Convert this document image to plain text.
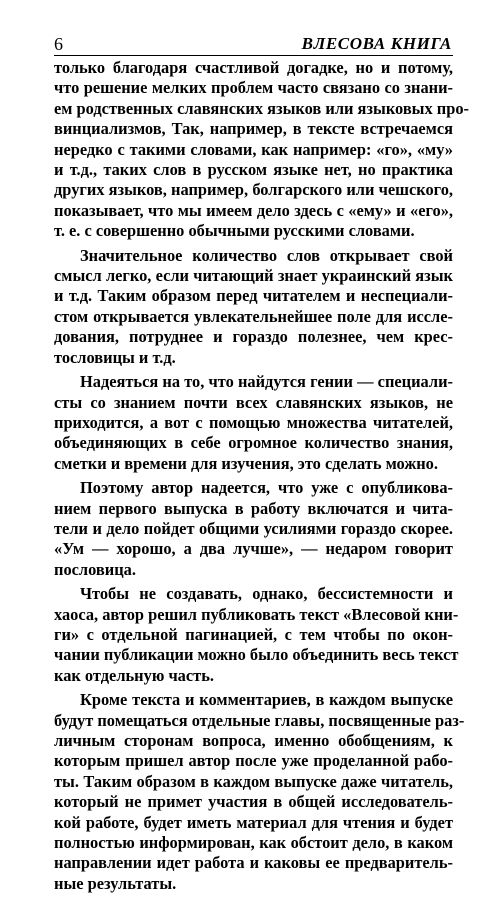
6	ВЛЕСОВА КНИГА

только благодаря счастливой догадке, но и потому,
что решение мелких проблем часто связано со знани-
ем родственных славянских языков или языковых про-
винциализмов, Так, например, в тексте встречаемся
нередко с такими словами, как например: «го», «му»
и т.д., таких слов в русском языке нет, но практика
других языков, например, болгарского или чешского,
показывает, что мы имеем дело здесь с «ему» и «его»,
т. е. с совершенно обычными русскими словами.

Значительное количество слов открывает свой
смысл легко, если читающий знает украинский язык
и т.д. Таким образом перед читателем и неспециали-
стом открывается увлекательнейшее поле для иссле-
дования, потруднее и гораздо полезнее, чем крес-
тословицы и т.д.

Надеяться на то, что найдутся гении — специали-
сты со знанием почти всех славянских языков, не
приходится, а вот с помощью множества читателей,
объединяющих в себе огромное количество знания,
сметки и времени для изучения, это сделать можно.

Поэтому автор надеется, что уже с опубликова-
нием первого выпуска в работу включатся и чита-
тели и дело пойдет общими усилиями гораздо скорее.
«Ум — хорошо, а два лучше», — недаром говорит
пословица.

Чтобы не создавать, однако, бессистемности и
хаоса, автор решил публиковать текст «Влесовой кни-
ги» с отдельной пагинацией, с тем чтобы по окон-
чании публикации можно было объединить весь текст
как отдельную часть.

Кроме текста и комментариев, в каждом выпуске
будут помещаться отдельные главы, посвященные раз-
личным сторонам вопроса, именно обобщениям, к
которым пришел автор после уже проделанной рабо-
ты. Таким образом в каждом выпуске даже читатель,
который не примет участия в общей исследователь-
кой работе, будет иметь материал для чтения и будет
полностью информирован, как обстоит дело, в каком
направлении идет работа и каковы ее предваритель-
ные результаты.
